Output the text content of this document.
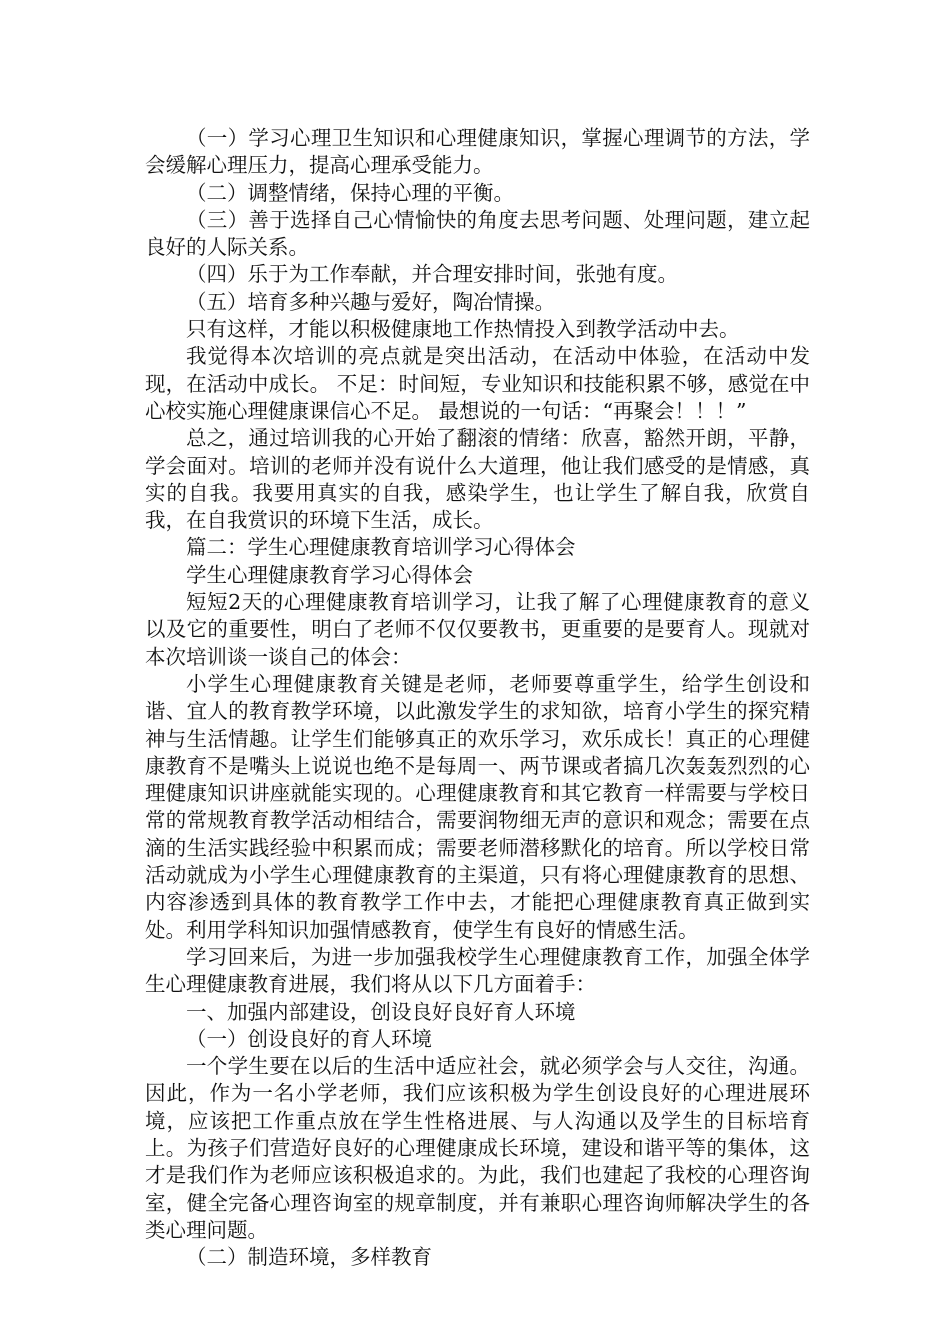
（一）学习心理卫生知识和心理健康知识，掌握心理调节的方法，学会缓解心理压力，提高心理承受能力。

（二）调整情绪，保持心理的平衡。

（三）善于选择自己心情愉快的角度去思考问题、处理问题，建立起良好的人际关系。

（四）乐于为工作奉献，并合理安排时间，张弛有度。

（五）培育多种兴趣与爱好，陶冶情操。

只有这样，才能以积极健康地工作热情投入到教学活动中去。

我觉得本次培训的亮点就是突出活动，在活动中体验，在活动中发现，在活动中成长。 不足：时间短，专业知识和技能积累不够，感觉在中心校实施心理健康课信心不足。 最想说的一句话：“再聚会！！！”

总之，通过培训我的心开始了翻滚的情绪：欣喜，豁然开朗，平静，学会面对。培训的老师并没有说什么大道理，他让我们感受的是情感，真实的自我。我要用真实的自我，感染学生，也让学生了解自我，欣赏自我，在自我赏识的环境下生活，成长。

篇二：学生心理健康教育培训学习心得体会

学生心理健康教育学习心得体会

短短2天的心理健康教育培训学习，让我了解了心理健康教育的意义以及它的重要性，明白了老师不仅仅要教书，更重要的是要育人。现就对本次培训谈一谈自己的体会：

小学生心理健康教育关键是老师，老师要尊重学生，给学生创设和谐、宜人的教育教学环境，以此激发学生的求知欲，培育小学生的探究精神与生活情趣。让学生们能够真正的欢乐学习，欢乐成长！真正的心理健康教育不是嘴头上说说也绝不是每周一、两节课或者搞几次轰轰烈烈的心理健康知识讲座就能实现的。心理健康教育和其它教育一样需要与学校日常的常规教育教学活动相结合，需要润物细无声的意识和观念；需要在点滴的生活实践经验中积累而成；需要老师潜移默化的培育。所以学校日常活动就成为小学生心理健康教育的主渠道，只有将心理健康教育的思想、内容渗透到具体的教育教学工作中去，才能把心理健康教育真正做到实处。利用学科知识加强情感教育，使学生有良好的情感生活。

学习回来后，为进一步加强我校学生心理健康教育工作，加强全体学生心理健康教育进展，我们将从以下几方面着手：

一、加强内部建设，创设良好良好育人环境

（一）创设良好的育人环境

一个学生要在以后的生活中适应社会，就必须学会与人交往，沟通。因此，作为一名小学老师，我们应该积极为学生创设良好的心理进展环境，应该把工作重点放在学生性格进展、与人沟通以及学生的目标培育上。为孩子们营造好良好的心理健康成长环境，建设和谐平等的集体，这才是我们作为老师应该积极追求的。为此，我们也建起了我校的心理咨询室，健全完备心理咨询室的规章制度，并有兼职心理咨询师解决学生的各类心理问题。

（二）制造环境，多样教育
